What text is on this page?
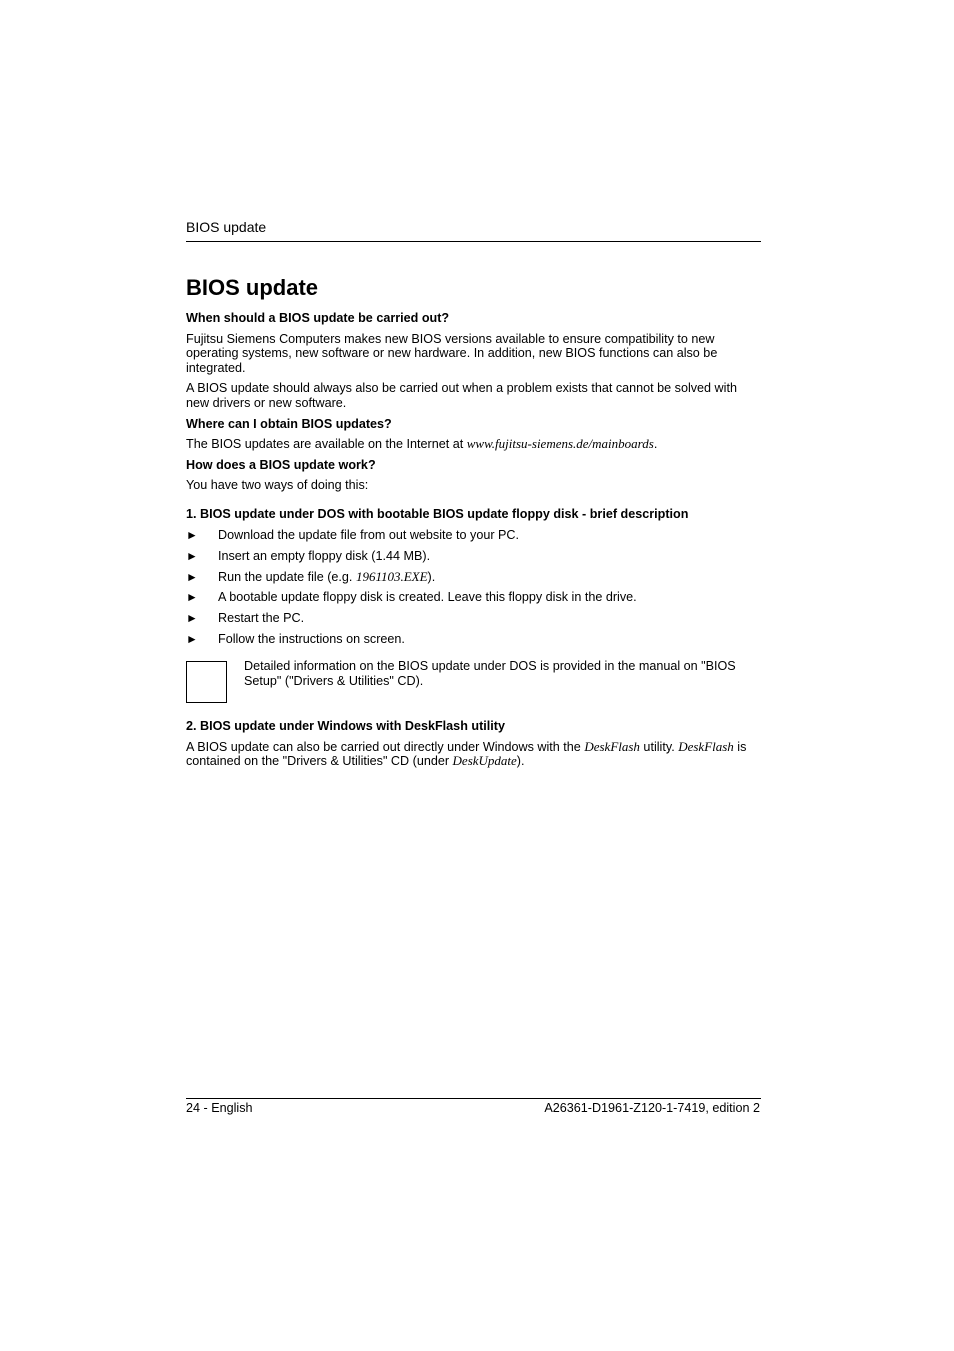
BIOS update
BIOS update
When should a BIOS update be carried out?

Fujitsu Siemens Computers makes new BIOS versions available to ensure compatibility to new operating systems, new software or new hardware. In addition, new BIOS functions can also be integrated.

A BIOS update should always also be carried out when a problem exists that cannot be solved with new drivers or new software.

Where can I obtain BIOS updates?

The BIOS updates are available on the Internet at www.fujitsu-siemens.de/mainboards.

How does a BIOS update work?

You have two ways of doing this:

1. BIOS update under DOS with bootable BIOS update floppy disk - brief description
► Download the update file from out website to your PC.
► Insert an empty floppy disk (1.44 MB).
► Run the update file (e.g. 1961103.EXE).
► A bootable update floppy disk is created. Leave this floppy disk in the drive.
► Restart the PC.
► Follow the instructions on screen.
Detailed information on the BIOS update under DOS is provided in the manual on "BIOS Setup" ("Drivers & Utilities" CD).
2. BIOS update under Windows with DeskFlash utility

A BIOS update can also be carried out directly under Windows with the DeskFlash utility. DeskFlash is contained on the "Drivers & Utilities" CD (under DeskUpdate).

24 - English	A26361-D1961-Z120-1-7419, edition 2
